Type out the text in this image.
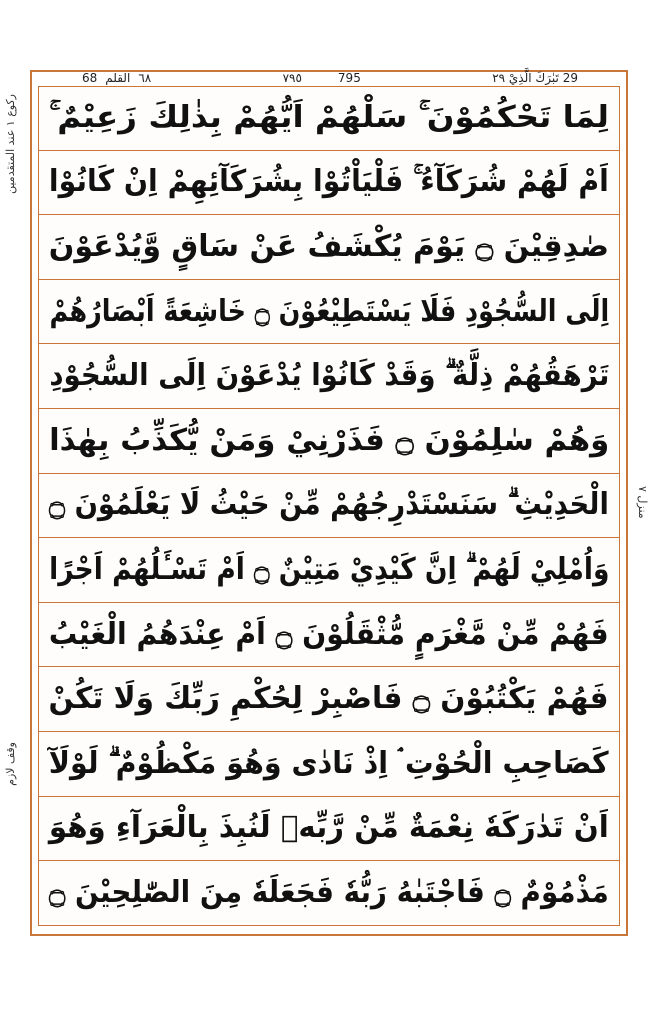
٦٨
القلم
68	٧٩٥	795	29 تَبٰرَكَ الَّذِيْ ٢٩
لِمَا تَحْكُمُوْنَ ۚ سَلْهُمْ اَيُّهُمْ بِذٰلِكَ زَعِيْمٌ ۚ
اَمْ لَهُمْ شُرَكَآءُ ۚ فَلْيَاْتُوْا بِشُرَكَآئِهِمْ اِنْ كَانُوْا
صٰدِقِيْنَ ۝ يَوْمَ يُكْشَفُ عَنْ سَاقٍ وَّيُدْعَوْنَ
اِلَى السُّجُوْدِ فَلَا يَسْتَطِيْعُوْنَ ۝ خَاشِعَةً اَبْصَارُهُمْ
تَرْهَقُهُمْ ذِلَّةٌ ۗ وَقَدْ كَانُوْا يُدْعَوْنَ اِلَى السُّجُوْدِ
وَهُمْ سٰلِمُوْنَ ۝ فَذَرْنِيْ وَمَنْ يُّكَذِّبُ بِهٰذَا
الْحَدِيْثِ ۗ سَنَسْتَدْرِجُهُمْ مِّنْ حَيْثُ لَا يَعْلَمُوْنَ ۝
وَاُمْلِيْ لَهُمْ ۗ اِنَّ كَيْدِيْ مَتِيْنٌ ۝ اَمْ تَسْـَٔلُهُمْ اَجْرًا
فَهُمْ مِّنْ مَّغْرَمٍ مُّثْقَلُوْنَ ۝ اَمْ عِنْدَهُمُ الْغَيْبُ
فَهُمْ يَكْتُبُوْنَ ۝ فَاصْبِرْ لِحُكْمِ رَبِّكَ وَلَا تَكُنْ
كَصَاحِبِ الْحُوْتِ ۘ اِذْ نَادٰى وَهُوَ مَكْظُوْمٌ ۗ لَوْلَآ
اَنْ تَدٰرَكَهٗ نِعْمَةٌ مِّنْ رَّبِّهٖ لَنُبِذَ بِالْعَرَآءِ وَهُوَ
مَذْمُوْمٌ ۝ فَاجْتَبٰهُ رَبُّهٗ فَجَعَلَهٗ مِنَ الصّٰلِحِيْنَ ۝
رکوع ۱ عند المتقدمین
منزل ٧
وقف لازم
